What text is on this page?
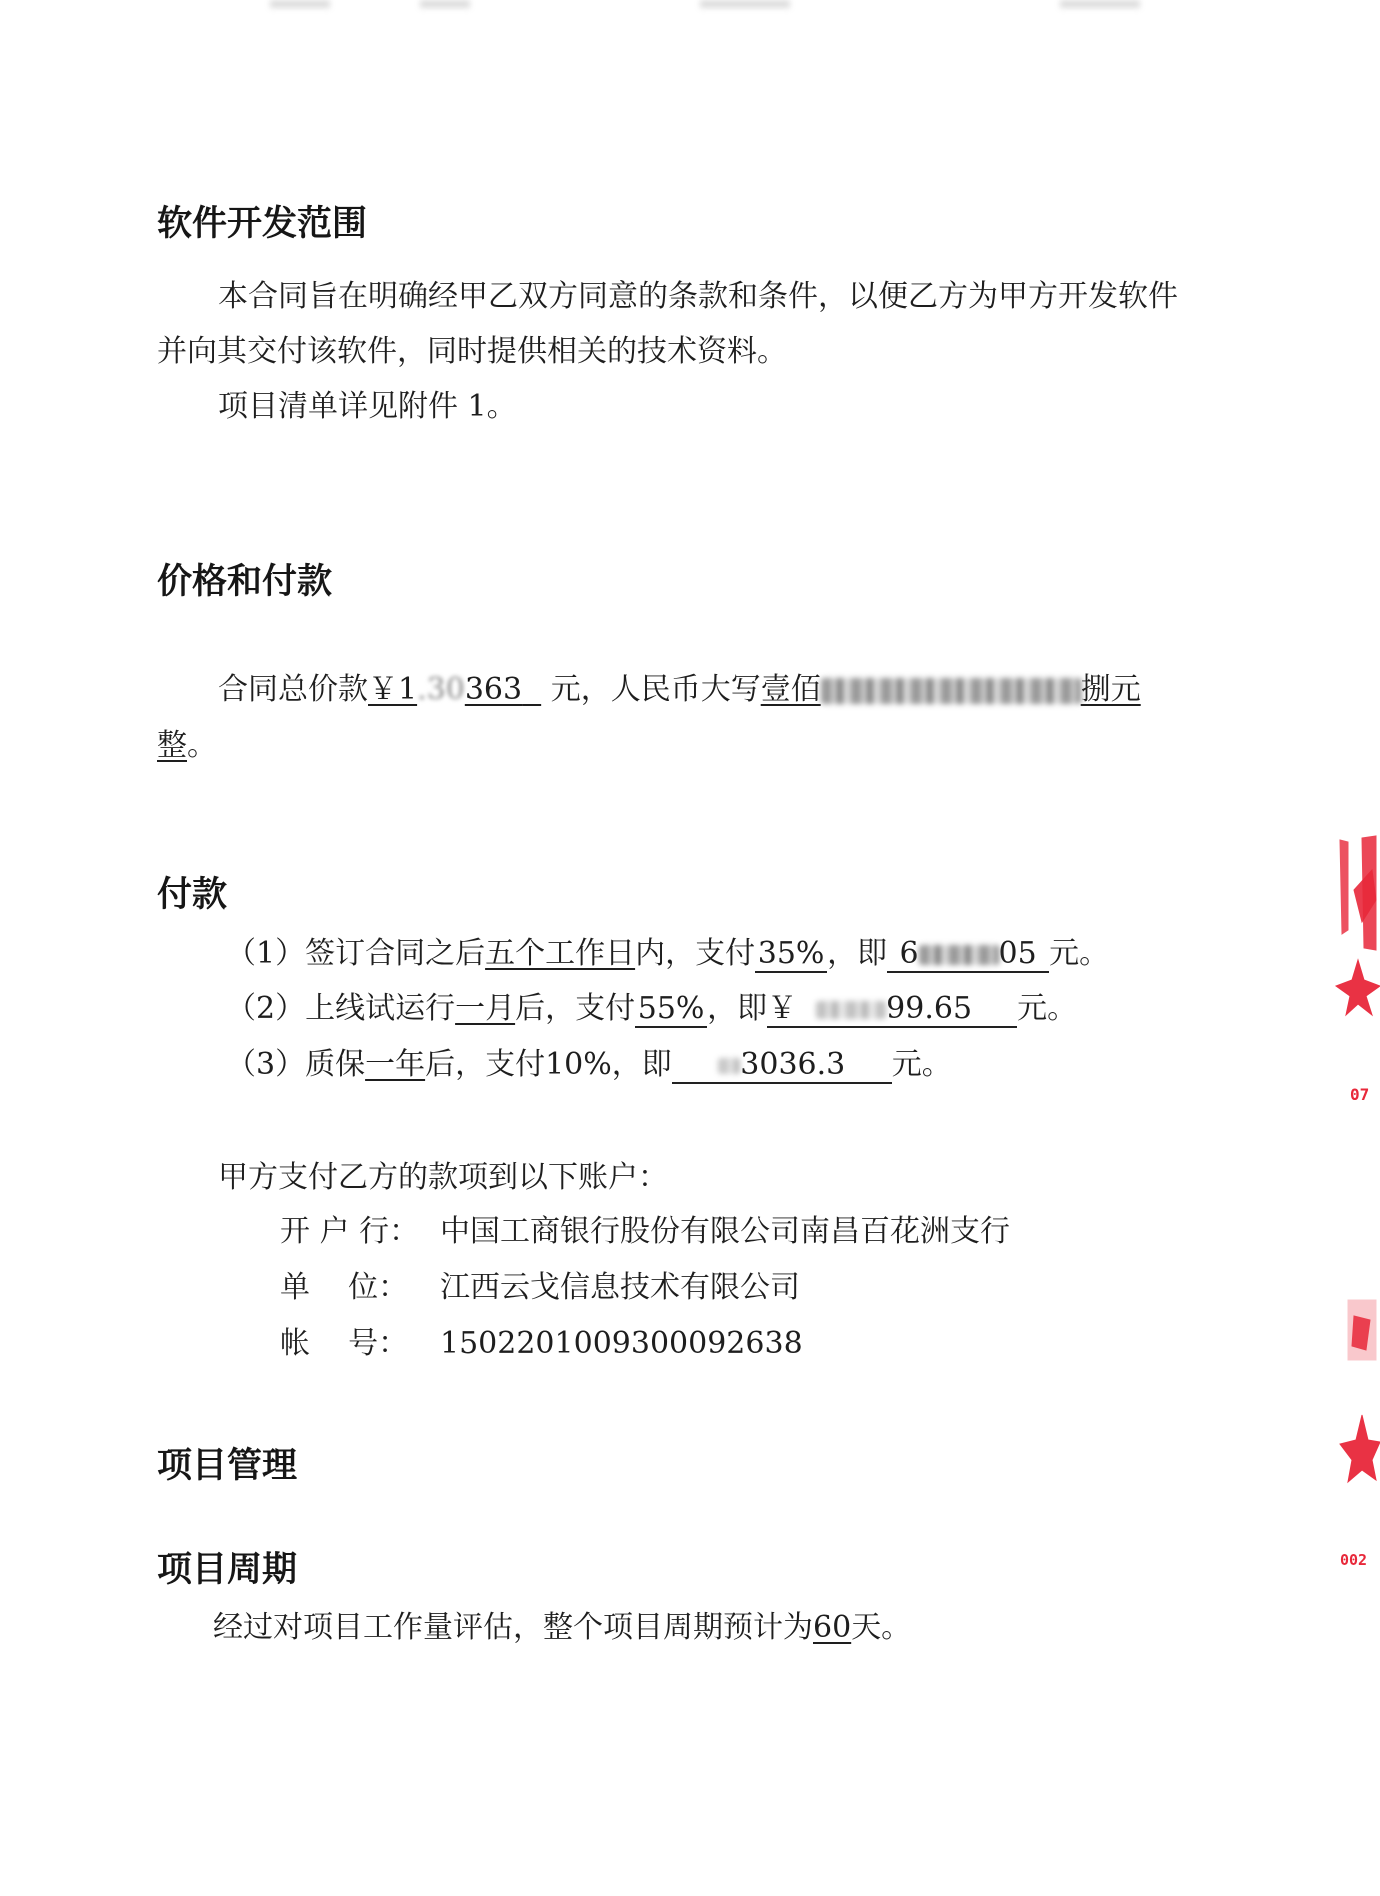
软件开发范围
本合同旨在明确经甲乙双方同意的条款和条件，以便乙方为甲方开发软件
并向其交付该软件，同时提供相关的技术资料。
项目清单详见附件 1。
价格和付款
合同总价款￥1.30363 元，人民币大写壹佰	捌元
整。
付款
（1）签订合同之后五个工作日内，支付35%，即 6	05 元。
（2）上线试运行一月后，支付55%，即￥	99.65 元。
（3）质保一年后，支付10%，即 3036.3 元。
甲方支付乙方的款项到以下账户：
开 户 行： 中国工商银行股份有限公司南昌百花洲支行
单    位： 江西云戈信息技术有限公司
帐    号： 1502201009300092638
项目管理
项目周期
经过对项目工作量评估，整个项目周期预计为60天。
07
002
